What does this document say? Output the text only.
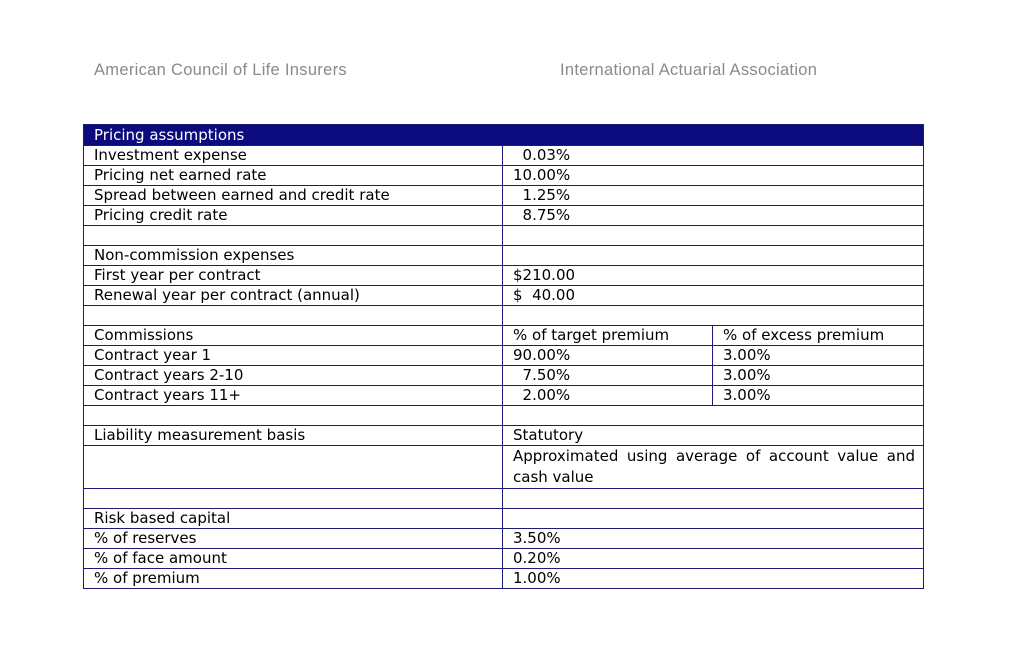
American Council of Life Insurers	International Actuarial Association
Pricing assumptions		
Investment expense	0.03%	
Pricing net earned rate	10.00%	
Spread between earned and credit rate	1.25%	
Pricing credit rate	8.75%	

Non-commission expenses		
First year per contract	$210.00	
Renewal year per contract (annual)	$  40.00	

Commissions	% of target premium	% of excess premium
Contract year 1	90.00%	3.00%
Contract years 2-10	7.50%	3.00%
Contract years 11+	2.00%	3.00%

Liability measurement basis	Statutory	
	Approximated using average of account value and cash value	

Risk based capital		
% of reserves	3.50%	
% of face amount	0.20%	
% of premium	1.00%	
